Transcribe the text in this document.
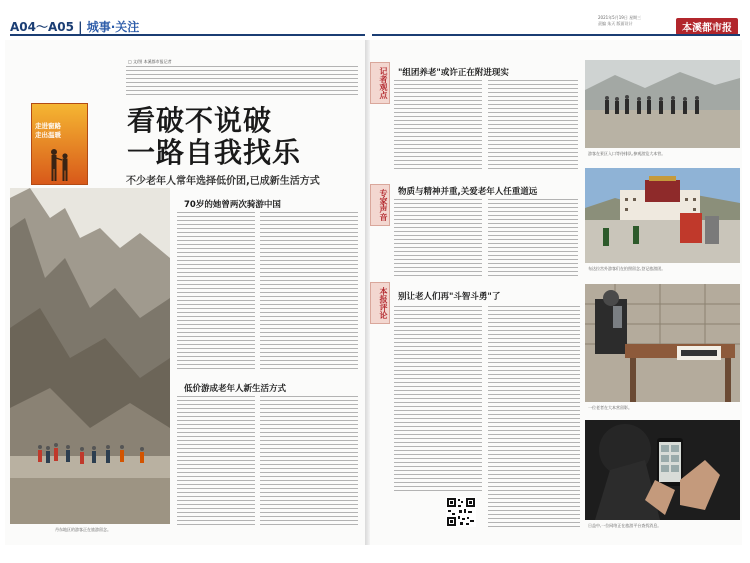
A04～A05 | 城事·关注
2021年5月19日 星期三
责编 朱天 版面设计	本溪都市报
走进窗路
走出温暖
□ 文/图 本溪都市报记者
看破不说破
一路自我找乐
不少老年人常年选择低价团,已成新生活方式
丹东地区的游客正在旅游留念。
70岁的她曾两次骑游中国
低价游成老年人新生活方式
记者观点
专家声音
本报评论
"组团养老"或许正在附进现实
物质与精神并重,关爱老年人任重道远
别让老人们再"斗智斗勇"了
游客在景区入口等待排队,参观游览大本营。
布达拉宫外游客们在拍照留念,登记旅游团。
一位老者在大本营留影。
日益中,一位网络正在旅游平台查找消息。
